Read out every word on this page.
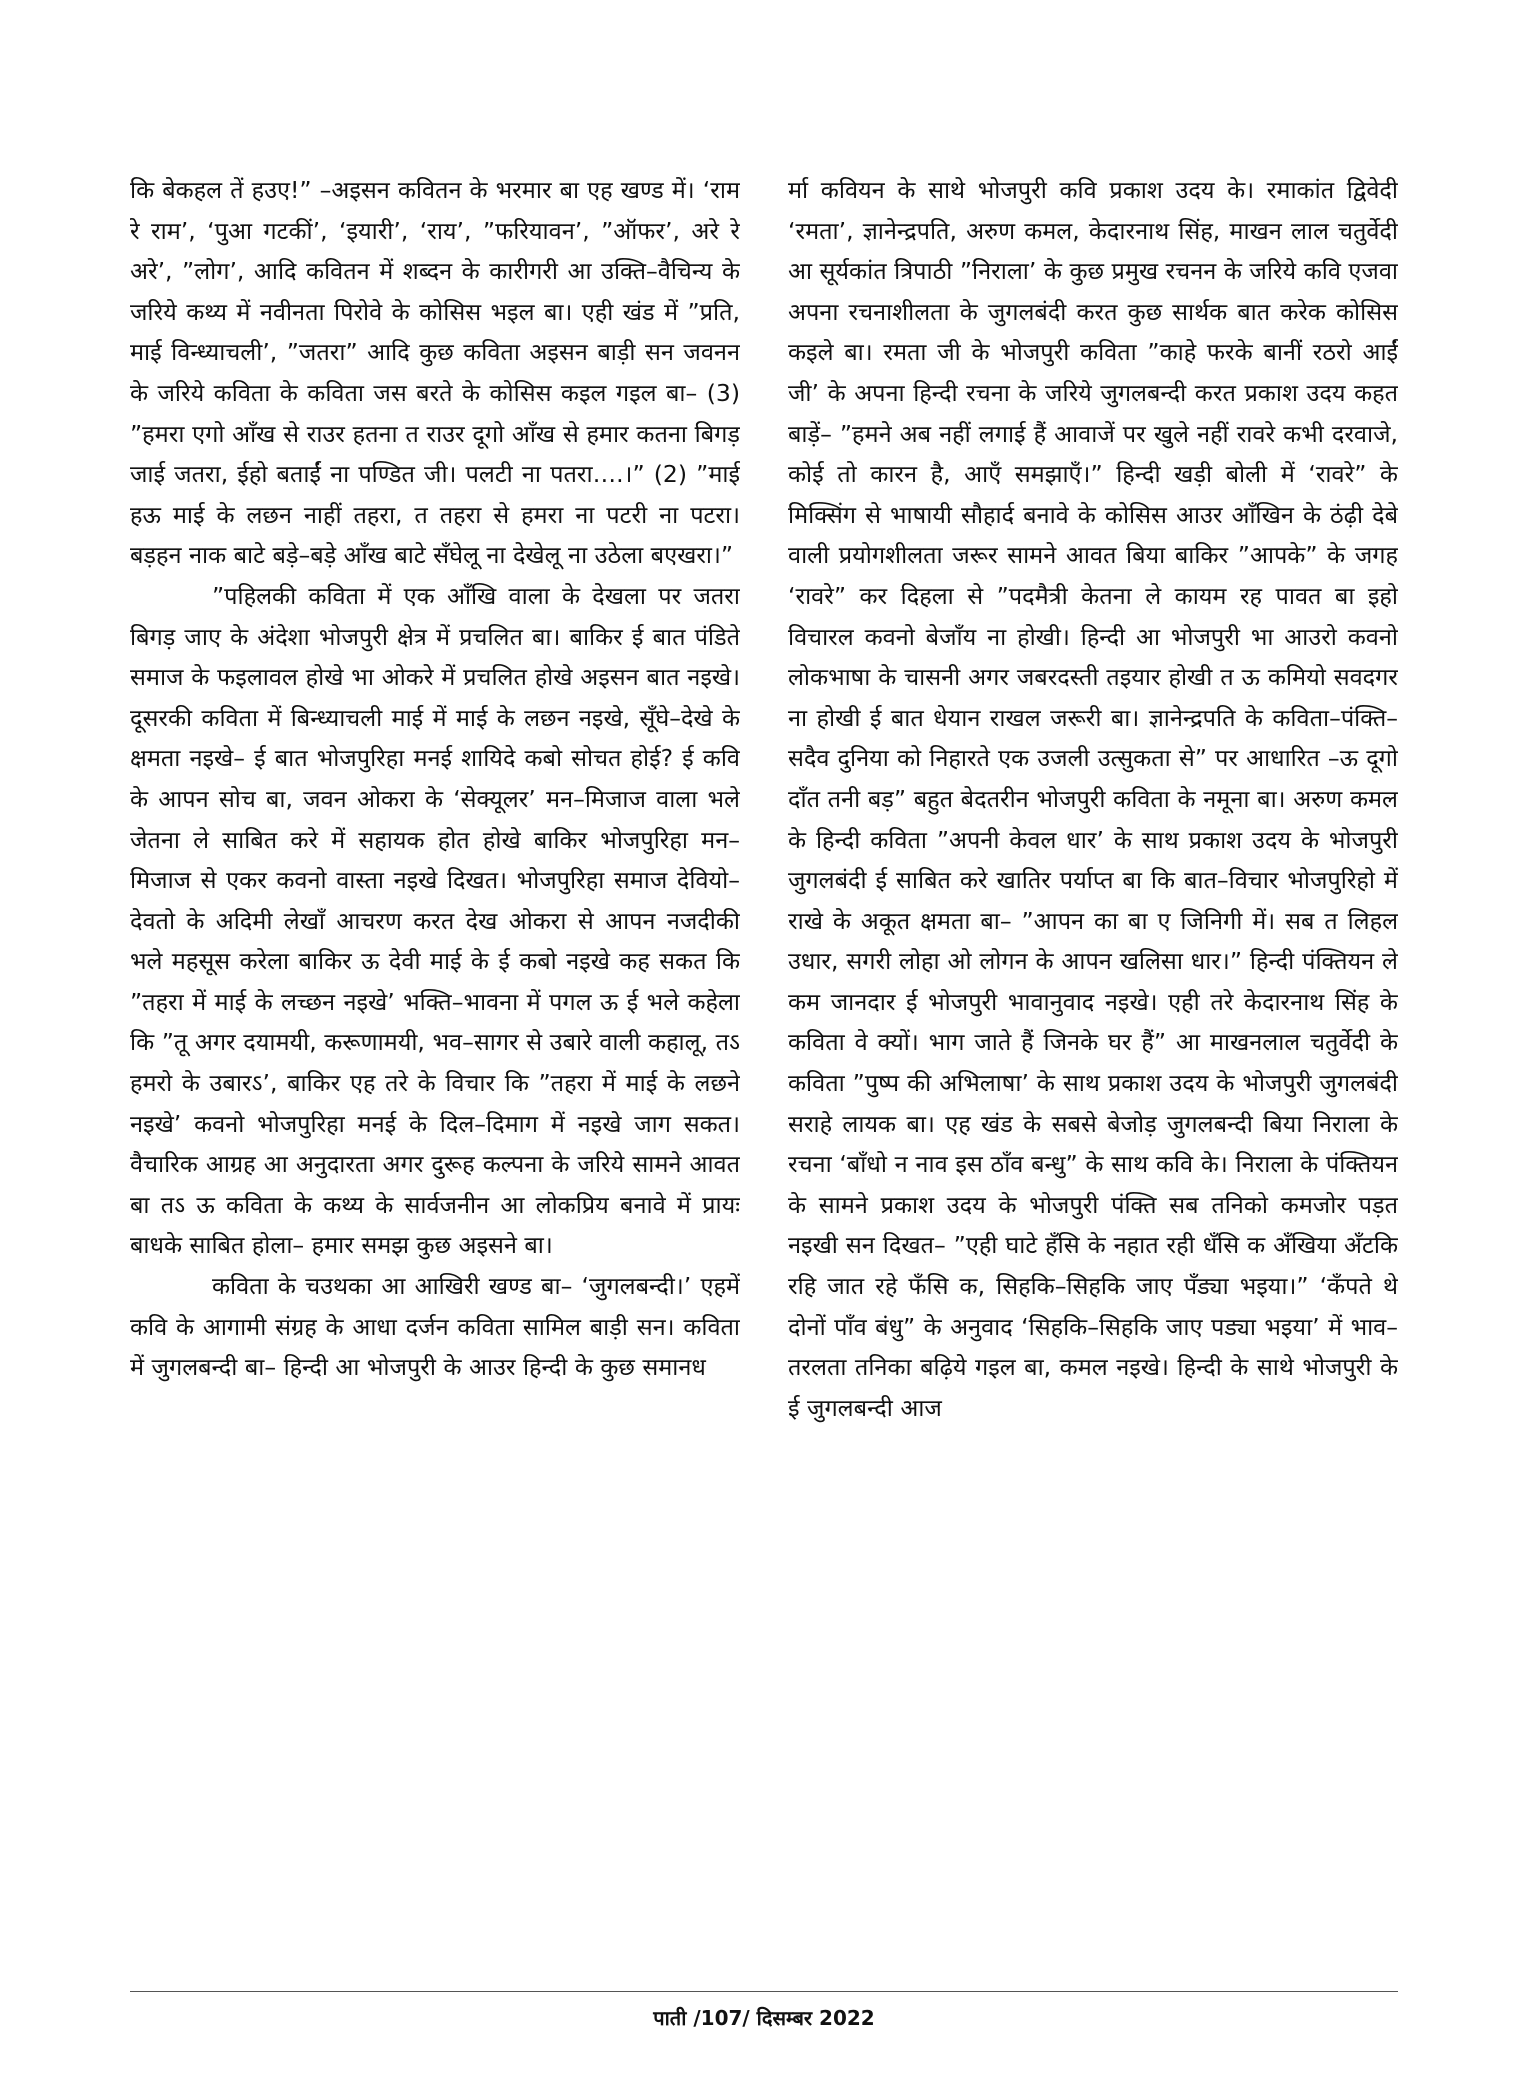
कि बेकहल तें हउए!” –अइसन कवितन के भरमार बा एह खण्ड में। ‘राम रे राम’, ‘पुआ गटकीं’, ‘इयारी’, ‘राय’, ”फरियावन’, ”ऑफर’, अरे रे अरे’, ”लोग’, आदि कवितन में शब्दन के कारीगरी आ उक्ति–वैचिन्य के जरिये कथ्य में नवीनता पिरोवे के कोसिस भइल बा। एही खंड में ”प्रति, माई विन्ध्याचली’, ”जतरा” आदि कुछ कविता अइसन बाड़ी सन जवनन के जरिये कविता के कविता जस बरते के कोसिस कइल गइल बा– (3) ”हमरा एगो आँख से राउर हतना त राउर दूगो आँख से हमार कतना बिगड़ जाई जतरा, ईहो बताईं ना पण्डित जी। पलटी ना पतरा….।” (2) ”माई हऊ माई के लछन नाहीं तहरा, त तहरा से हमरा ना पटरी ना पटरा। बड़हन नाक बाटे बड़े–बड़े आँख बाटे सँघेलू ना देखेलू ना उठेला बएखरा।”

”पहिलकी कविता में एक आँखि वाला के देखला पर जतरा बिगड़ जाए के अंदेशा भोजपुरी क्षेत्र में प्रचलित बा। बाकिर ई बात पंडिते समाज के फइलावल होखे भा ओकरे में प्रचलित होखे अइसन बात नइखे। दूसरकी कविता में बिन्ध्याचली माई में माई के लछन नइखे, सूँघे–देखे के क्षमता नइखे– ई बात भोजपुरिहा मनई शायिदे कबो सोचत होई? ई कवि के आपन सोच बा, जवन ओकरा के ‘सेक्यूलर’ मन–मिजाज वाला भले जेतना ले साबित करे में सहायक होत होखे बाकिर भोजपुरिहा मन–मिजाज से एकर कवनो वास्ता नइखे दिखत। भोजपुरिहा समाज देवियो–देवतो के अदिमी लेखाँ आचरण करत देख ओकरा से आपन नजदीकी भले महसूस करेला बाकिर ऊ देवी माई के ई कबो नइखे कह सकत कि ”तहरा में माई के लच्छन नइखे’ भक्ति–भावना में पगल ऊ ई भले कहेला कि ”तू अगर दयामयी, करूणामयी, भव–सागर से उबारे वाली कहालू, तऽ हमरो के उबारऽ’, बाकिर एह तरे के विचार कि ”तहरा में माई के लछने नइखे’ कवनो भोजपुरिहा मनई के दिल–दिमाग में नइखे जाग सकत। वैचारिक आग्रह आ अनुदारता अगर दुरूह कल्पना के जरिये सामने आवत बा तऽ ऊ कविता के कथ्य के सार्वजनीन आ लोकप्रिय बनावे में प्रायः बाधके साबित होला– हमार समझ कुछ अइसने बा।

कविता के चउथका आ आखिरी खण्ड बा– ‘जुगलबन्दी।’ एहमें कवि के आगामी संग्रह के आधा दर्जन कविता सामिल बाड़ी सन। कविता में जुगलबन्दी बा– हिन्दी आ भोजपुरी के आउर हिन्दी के कुछ समानध

र्मा कवियन के साथे भोजपुरी कवि प्रकाश उदय के। रमाकांत द्विवेदी ‘रमता’, ज्ञानेन्द्रपति, अरुण कमल, केदारनाथ सिंह, माखन लाल चतुर्वेदी आ सूर्यकांत त्रिपाठी ”निराला’ के कुछ प्रमुख रचनन के जरिये कवि एजवा अपना रचनाशीलता के जुगलबंदी करत कुछ सार्थक बात करेक कोसिस कइले बा। रमता जी के भोजपुरी कविता ”काहे फरके बानीं रठरो आईं जी’ के अपना हिन्दी रचना के जरिये जुगलबन्दी करत प्रकाश उदय कहत बाड़ें– ”हमने अब नहीं लगाई हैं आवाजें पर खुले नहीं रावरे कभी दरवाजे, कोई तो कारन है, आएँ समझाएँ।” हिन्दी खड़ी बोली में ‘रावरे” के मिक्सिंग से भाषायी सौहार्द बनावे के कोसिस आउर आँखिन के ठंढ़ी देबे वाली प्रयोगशीलता जरूर सामने आवत बिया बाकिर ”आपके” के जगह ‘रावरे” कर दिहला से ”पदमैत्री केतना ले कायम रह पावत बा इहो विचारल कवनो बेजाँय ना होखी। हिन्दी आ भोजपुरी भा आउरो कवनो लोकभाषा के चासनी अगर जबरदस्ती तइयार होखी त ऊ कमियो सवदगर ना होखी ई बात धेयान राखल जरूरी बा। ज्ञानेन्द्रपति के कविता–पंक्ति– सदैव दुनिया को निहारते एक उजली उत्सुकता से” पर आधारित –ऊ दूगो दाँत तनी बड़” बहुत बेदतरीन भोजपुरी कविता के नमूना बा। अरुण कमल के हिन्दी कविता ”अपनी केवल धार’ के साथ प्रकाश उदय के भोजपुरी जुगलबंदी ई साबित करे खातिर पर्याप्त बा कि बात–विचार भोजपुरिहो में राखे के अकूत क्षमता बा– ”आपन का बा ए जिनिगी में। सब त लिहल उधार, सगरी लोहा ओ लोगन के आपन खलिसा धार।” हिन्दी पंक्तियन ले कम जानदार ई भोजपुरी भावानुवाद नइखे। एही तरे केदारनाथ सिंह के कविता वे क्यों। भाग जाते हैं जिनके घर हैं” आ माखनलाल चतुर्वेदी के कविता ”पुष्प की अभिलाषा’ के साथ प्रकाश उदय के भोजपुरी जुगलबंदी सराहे लायक बा। एह खंड के सबसे बेजोड़ जुगलबन्दी बिया निराला के रचना ‘बाँधो न नाव इस ठाँव बन्धु” के साथ कवि के। निराला के पंक्तियन के सामने प्रकाश उदय के भोजपुरी पंक्ति सब तनिको कमजोर पड़त नइखी सन दिखत– ”एही घाटे हँसि के नहात रही धँसि क अँखिया अँटकि रहि जात रहे फँसि क, सिहकि–सिहकि जाए पँड्या भइया।” ‘कँपते थे दोनों पाँव बंधु” के अनुवाद ‘सिहकि–सिहकि जाए पड्या भइया’ में भाव–तरलता तनिका बढ़िये गइल बा, कमल नइखे। हिन्दी के साथे भोजपुरी के ई जुगलबन्दी आज

पाती /107/ दिसम्बर 2022
